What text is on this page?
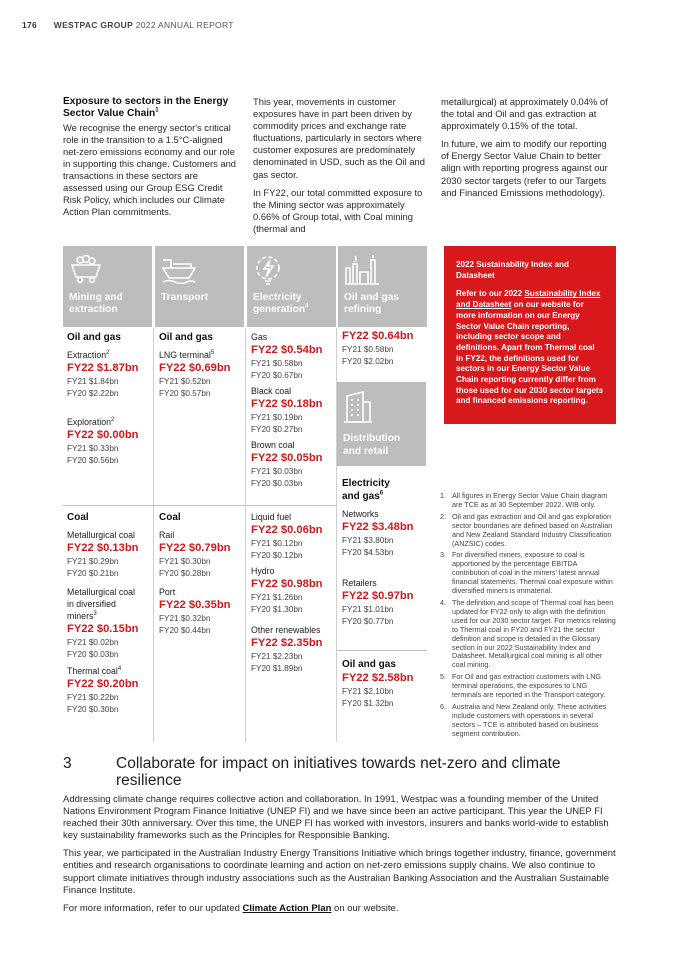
176 WESTPAC GROUP 2022 ANNUAL REPORT
Exposure to sectors in the Energy Sector Value Chain$^1$

We recognise the energy sector's critical role in the transition to a 1.5°C-aligned net-zero emissions economy and our role in supporting this change. Customers and transactions in these sectors are assessed using our Group ESG Credit Risk Policy, which includes our Climate Action Plan commitments.

This year, movements in customer exposures have in part been driven by commodity prices and exchange rate fluctuations, particularly in sectors where customer exposures are predominately denominated in USD, such as the Oil and gas sector.

In FY22, our total committed exposure to the Mining sector was approximately 0.66% of Group total, with Coal mining (thermal and

metallurgical) at approximately 0.04% of the total and Oil and gas extraction at approximately 0.15% of the total.

In future, we aim to modify our reporting of Energy Sector Value Chain to better align with reporting progress against our 2030 sector targets (refer to our Targets and Financed Emissions methodology).

Mining and
extraction
Transport	Electricity
generation$^4$
Oil and gas
refining
Oil and gas
Extraction$^2$
FY22 $1.87bn
FY21 $1.84bn
FY20 $2.22bn
Exploration$^2$
FY22 $0.00bn
FY21 $0.33bn
FY20 $0.56bn
Coal
Metallurgical coal
FY22 $0.13bn
FY21 $0.29bn
FY20 $0.21bn
Metallurgical coal
in diversified
miners$^3$
FY22 $0.15bn
FY21 $0.02bn
FY20 $0.03bn
Thermal coal$^4$
FY22 $0.20bn
FY21 $0.22bn
FY20 $0.30bn
Oil and gas
LNG terminal$^5$
FY22 $0.69bn
FY21 $0.52bn
FY20 $0.57bn
Coal
Rail
FY22 $0.79bn
FY21 $0.30bn
FY20 $0.28bn
Port
FY22 $0.35bn
FY21 $0.32bn
FY20 $0.44bn
Gas
FY22 $0.54bn
FY21 $0.58bn
FY20 $0.67bn
Black coal
FY22 $0.18bn
FY21 $0.19bn
FY20 $0.27bn
Brown coal
FY22 $0.05bn
FY21 $0.03bn
FY20 $0.03bn
Liquid fuel
FY22 $0.06bn
FY21 $0.12bn
FY20 $0.12bn
Hydro
FY22 $0.98bn
FY21 $1.26bn
FY20 $1.30bn
Other renewables
FY22 $2.35bn
FY21 $2.23bn
FY20 $1.89bn
FY22 $0.64bn
FY21 $0.58bn
FY20 $2.02bn
Distribution
and retail
Electricity
and gas$^6$
Networks
FY22 $3.48bn
FY21 $3.80bn
FY20 $4.53bn
Retailers
FY22 $0.97bn
FY21 $1.01bn
FY20 $0.77bn
Oil and gas
FY22 $2.58bn
FY21 $2.10bn
FY20 $1.32bn
2022 Sustainability Index and Datasheet
Refer to our 2022 Sustainability Index and Datasheet on our website for more information on our Energy Sector Value Chain reporting, including sector scope and definitions. Apart from Thermal coal in FY22, the definitions used for sectors in our Energy Sector Value Chain reporting currently differ from those used for our 2030 sector targets and financed emissions reporting.
1. All figures in Energy Sector Value Chain diagram are TCE as at 30 September 2022. WIB only.
2. Oil and gas extraction and Oil and gas exploration sector boundaries are defined based on Australian and New Zealand Standard Industry Classification (ANZSIC) codes.
3. For diversified miners, exposure to coal is apportioned by the percentage EBITDA contribution of coal in the miners' latest annual financial statements. Thermal coal exposure within diversified miners is immaterial.
4. The definition and scope of Thermal coal has been updated for FY22 only to align with the definition used for our 2030 sector target. For metrics relating to Thermal coal in FY20 and FY21 the sector definition and scope is detailed in the Glossary section in our 2022 Sustainability Index and Datasheet. Metallurgical coal mining is all other coal mining.
5. For Oil and gas extraction customers with LNG terminal operations, the exposures to LNG terminals are reported in the Transport category.
6. Australia and New Zealand only. These activities include customers with operations in several sectors – TCE is attributed based on business segment contribution.
3	Collaborate for impact on initiatives towards net-zero and climate resilience

Addressing climate change requires collective action and collaboration. In 1991, Westpac was a founding member of the United Nations Environment Program Finance Initiative (UNEP FI) and we have since been an active participant. This year the UNEP FI reached their 30th anniversary. Over this time, the UNEP FI has worked with investors, insurers and banks world-wide to establish key sustainability frameworks such as the Principles for Responsible Banking.

This year, we participated in the Australian Industry Energy Transitions Initiative which brings together industry, finance, government entities and research organisations to coordinate learning and action on net-zero emissions supply chains. We also continue to support climate initiatives through industry associations such as the Australian Banking Association and the Australian Sustainable Finance Institute.

For more information, refer to our updated Climate Action Plan on our website.
